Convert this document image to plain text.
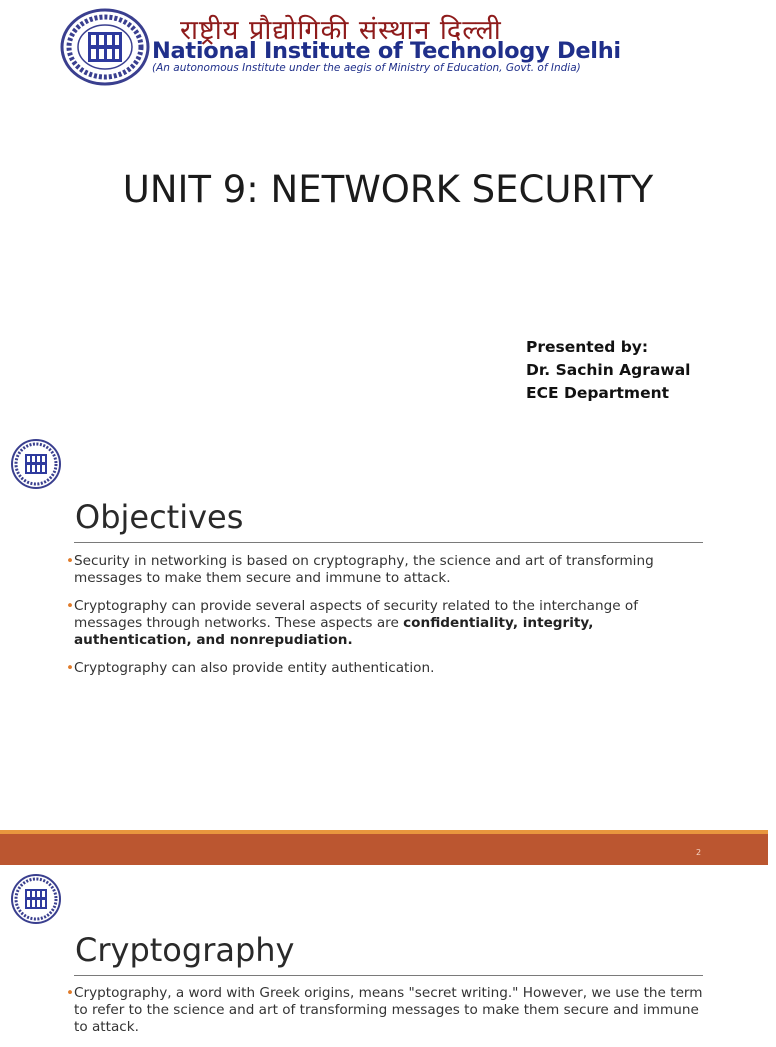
राष्ट्रीय प्रौद्योगिकी संस्थान दिल्ली
National Institute of Technology Delhi
(An autonomous Institute under the aegis of Ministry of Education, Govt. of India)
UNIT 9: NETWORK SECURITY
Presented by:
Dr. Sachin Agrawal
ECE Department
Objectives
• Security in networking is based on cryptography, the science and art of transforming messages to make them secure and immune to attack.
• Cryptography can provide several aspects of security related to the interchange of messages through networks. These aspects are confidentiality, integrity, authentication, and nonrepudiation.
• Cryptography can also provide entity authentication.
2
Cryptography
• Cryptography, a word with Greek origins, means "secret writing." However, we use the term to refer to the science and art of transforming messages to make them secure and immune to attack.
